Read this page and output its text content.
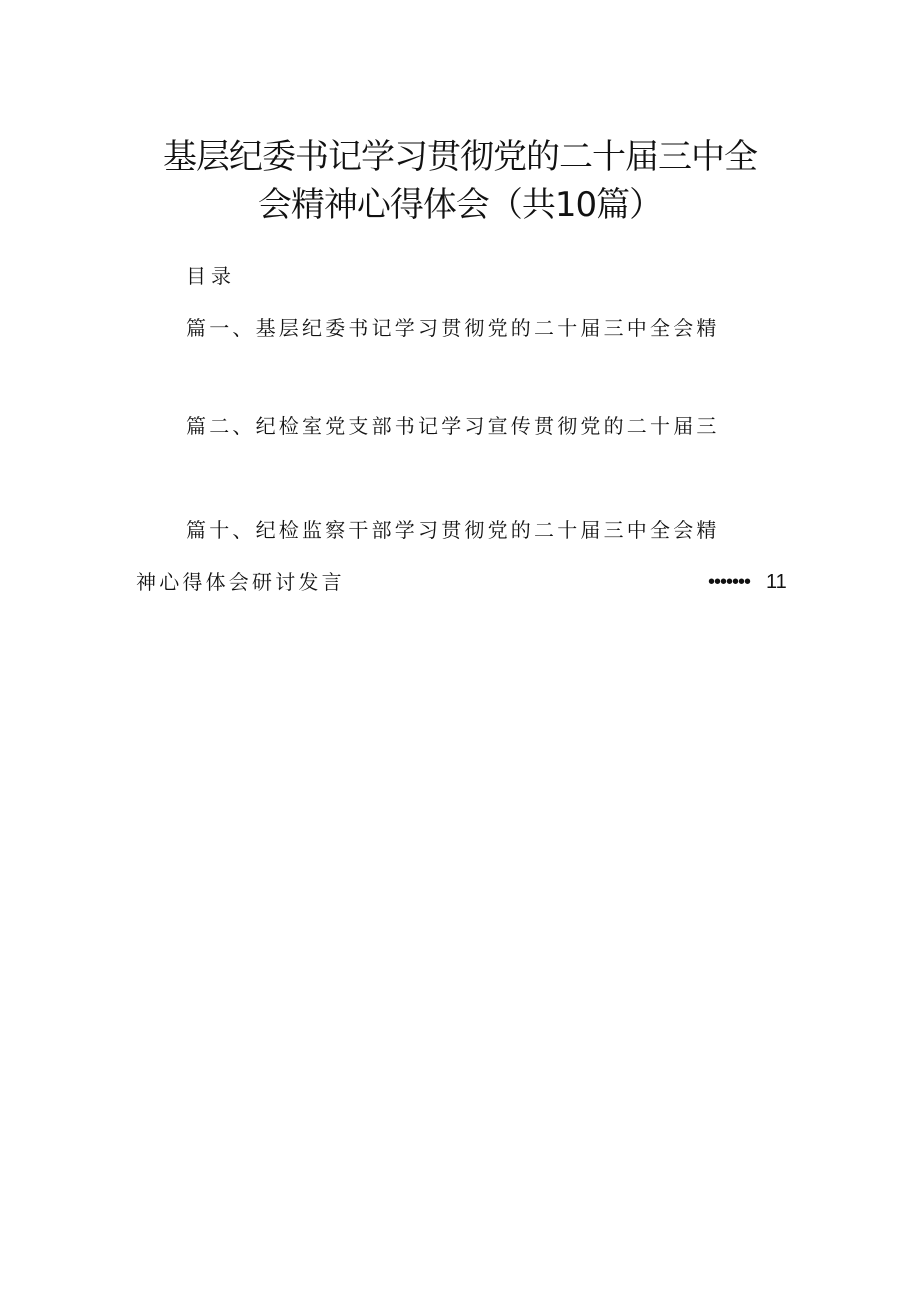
基层纪委书记学习贯彻党的二十届三中全
会精神心得体会（共10篇）
目录
篇一、基层纪委书记学习贯彻党的二十届三中全会精
篇二、纪检室党支部书记学习宣传贯彻党的二十届三
篇十、纪检监察干部学习贯彻党的二十届三中全会精
神心得体会研讨发言	••••••• 11
